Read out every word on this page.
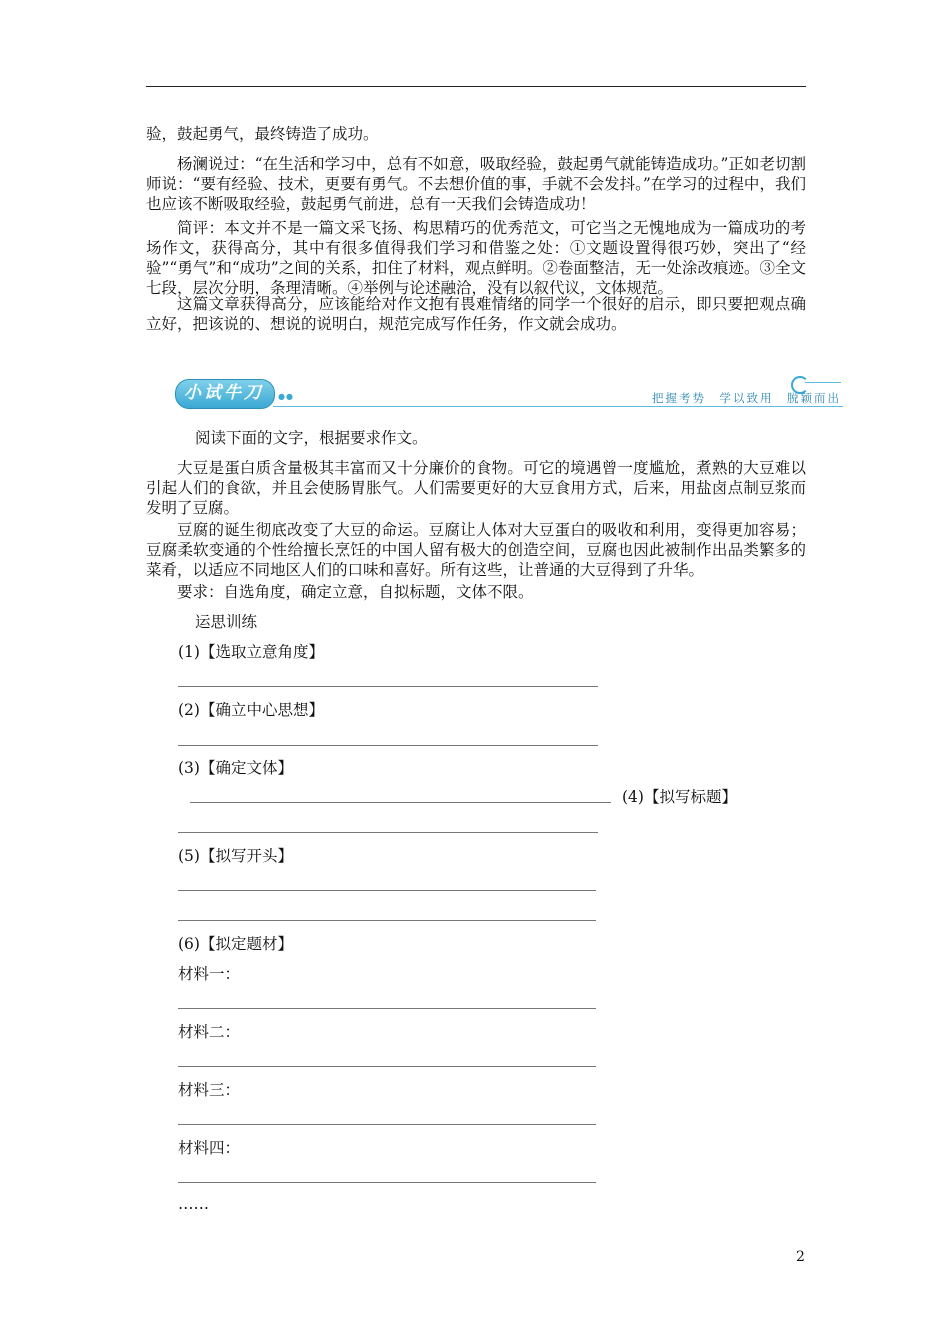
验，鼓起勇气，最终铸造了成功。
杨澜说过：“在生活和学习中，总有不如意，吸取经验，鼓起勇气就能铸造成功。”正如老切割师说：“要有经验、技术，更要有勇气。不去想价值的事，手就不会发抖。”在学习的过程中，我们也应该不断吸取经验，鼓起勇气前进，总有一天我们会铸造成功！
简评：本文并不是一篇文采飞扬、构思精巧的优秀范文，可它当之无愧地成为一篇成功的考场作文，获得高分，其中有很多值得我们学习和借鉴之处：①文题设置得很巧妙，突出了“经验”“勇气”和“成功”之间的关系，扣住了材料，观点鲜明。②卷面整洁，无一处涂改痕迹。③全文七段，层次分明，条理清晰。④举例与论述融洽，没有以叙代议，文体规范。
这篇文章获得高分，应该能给对作文抱有畏难情绪的同学一个很好的启示，即只要把观点确立好，把该说的、想说的说明白，规范完成写作任务，作文就会成功。
小试牛刀	●●	把握考势　学以致用　脱颖而出
阅读下面的文字，根据要求作文。
大豆是蛋白质含量极其丰富而又十分廉价的食物。可它的境遇曾一度尴尬，煮熟的大豆难以引起人们的食欲，并且会使肠胃胀气。人们需要更好的大豆食用方式，后来，用盐卤点制豆浆而发明了豆腐。
豆腐的诞生彻底改变了大豆的命运。豆腐让人体对大豆蛋白的吸收和利用，变得更加容易；豆腐柔软变通的个性给擅长烹饪的中国人留有极大的创造空间，豆腐也因此被制作出品类繁多的菜肴，以适应不同地区人们的口味和喜好。所有这些，让普通的大豆得到了升华。
要求：自选角度，确定立意，自拟标题，文体不限。
运思训练
(1)【选取立意角度】
(2)【确立中心思想】
(3)【确定文体】
(4)【拟写标题】
(5)【拟写开头】
(6)【拟定题材】
材料一：
材料二：
材料三：
材料四：
……
2
